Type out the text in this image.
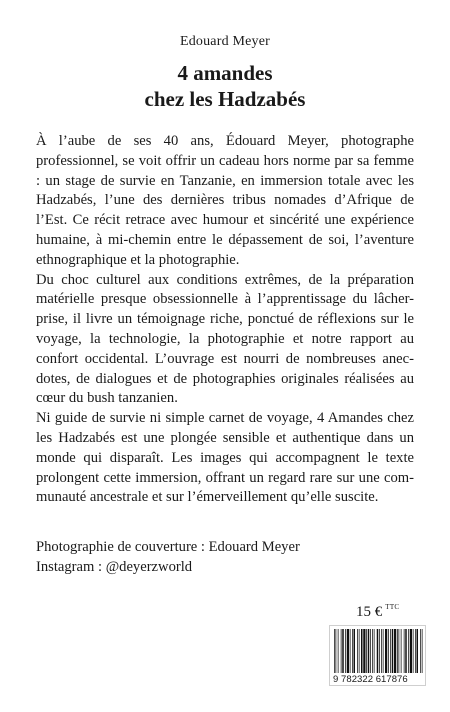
Edouard Meyer
4 amandes
chez les Hadzabés

À l’aube de ses 40 ans, Édouard Meyer, photographe professionnel, se voit offrir un cadeau hors norme par sa femme : un stage de survie en Tanzanie, en immersion totale avec les Hadzabés, l’une des dernières tribus nomades d’Afrique de l’Est. Ce récit retrace avec humour et sincérité une expérience humaine, à mi-chemin entre le dépassement de soi, l’aventure ethnographique et la photographie.

Du choc culturel aux conditions extrêmes, de la préparation matérielle presque obsessionnelle à l’apprentissage du lâcher-prise, il livre un témoignage riche, ponctué de réflexions sur le voyage, la technologie, la photographie et notre rapport au confort occidental. L’ouvrage est nourri de nombreuses anecdotes, de dialogues et de photographies originales réalisées au cœur du bush tanzanien.

Ni guide de survie ni simple carnet de voyage, 4 Amandes chez les Hadzabés est une plongée sensible et authentique dans un monde qui disparaît. Les images qui accompagnent le texte prolongent cette immersion, offrant un regard rare sur une communauté ancestrale et sur l’émerveillement qu’elle suscite.

Photographie de couverture : Edouard Meyer
Instagram : @deyerzworld
15 € $^{TTC}$
9 782322 617876
